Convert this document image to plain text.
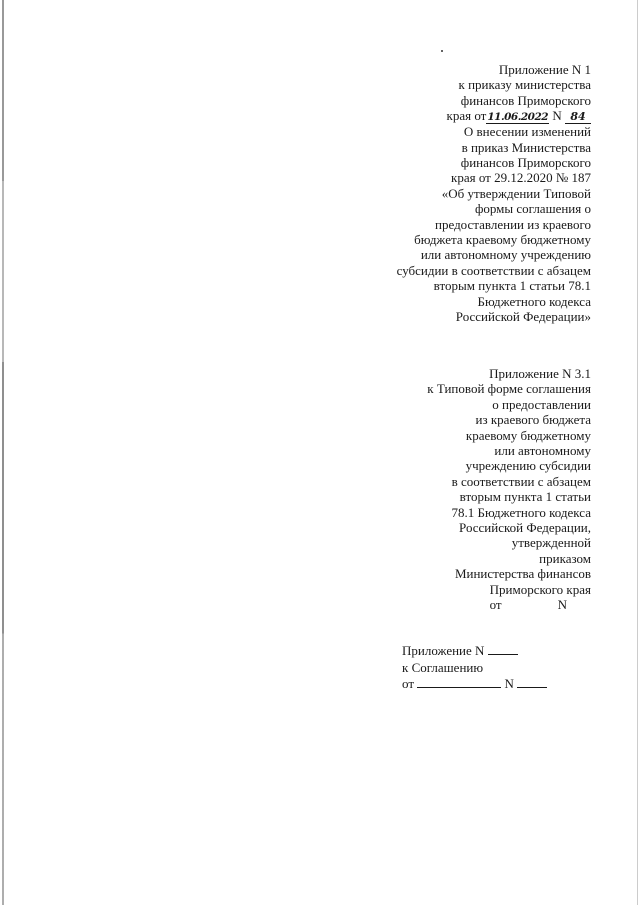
Приложение N 1
к приказу министерства
финансов Приморского
края от11.06.2022 N 84
O внесении изменений
в приказ Министерства
финансов Приморского
края от 29.12.2020 № 187
«Об утверждении Типовой
формы соглашения о
предоставлении из краевого
бюджета краевому бюджетному
или автономному учреждению
субсидии в соответствии с абзацем
вторым пункта 1 статьи 78.1
Бюджетного кодекса
Российской Федерации»
Приложение N 3.1
к Типовой форме соглашения
о предоставлении
из краевого бюджета
краевому бюджетному
или автономному
учреждению субсидии
в соответствии с абзацем
вторым пункта 1 статьи
78.1 Бюджетного кодекса
Российской Федерации,
утвержденной
приказом
Министерства финансов
Приморского края
от	N
Приложение N
к Соглашению
от	N
